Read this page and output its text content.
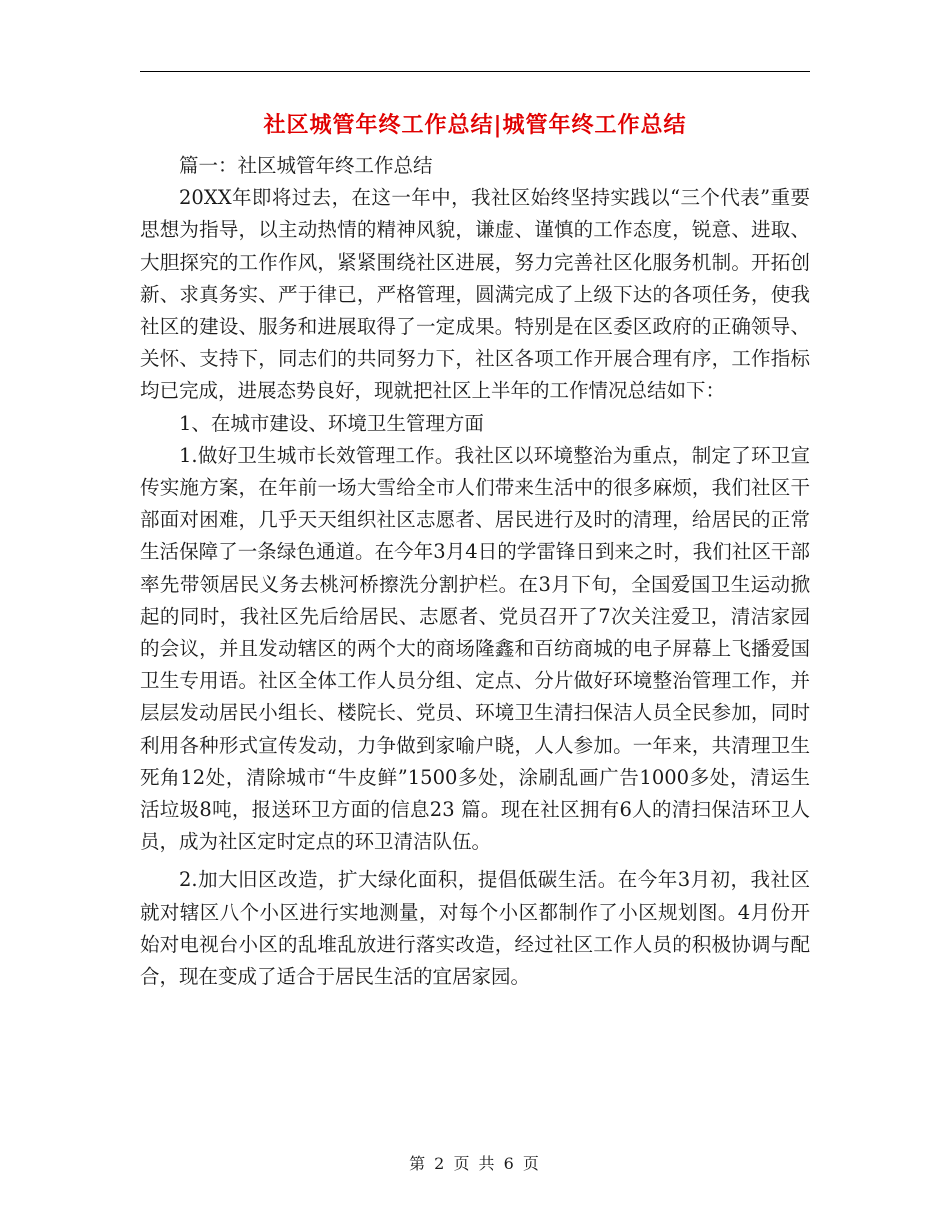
社区城管年终工作总结|城管年终工作总结

篇一：社区城管年终工作总结

20XX年即将过去，在这一年中，我社区始终坚持实践以“三个代表”重要思想为指导，以主动热情的精神风貌，谦虚、谨慎的工作态度，锐意、进取、大胆探究的工作作风，紧紧围绕社区进展，努力完善社区化服务机制。开拓创新、求真务实、严于律已，严格管理，圆满完成了上级下达的各项任务，使我社区的建设、服务和进展取得了一定成果。特别是在区委区政府的正确领导、关怀、支持下，同志们的共同努力下，社区各项工作开展合理有序，工作指标均已完成，进展态势良好，现就把社区上半年的工作情况总结如下：

1、在城市建设、环境卫生管理方面

1.做好卫生城市长效管理工作。我社区以环境整治为重点，制定了环卫宣传实施方案，在年前一场大雪给全市人们带来生活中的很多麻烦，我们社区干部面对困难，几乎天天组织社区志愿者、居民进行及时的清理，给居民的正常生活保障了一条绿色通道。在今年3月4日的学雷锋日到来之时，我们社区干部率先带领居民义务去桃河桥擦洗分割护栏。在3月下旬，全国爱国卫生运动掀起的同时，我社区先后给居民、志愿者、党员召开了7次关注爱卫，清洁家园的会议，并且发动辖区的两个大的商场隆鑫和百纺商城的电子屏幕上飞播爱国卫生专用语。社区全体工作人员分组、定点、分片做好环境整治管理工作，并层层发动居民小组长、楼院长、党员、环境卫生清扫保洁人员全民参加，同时利用各种形式宣传发动，力争做到家喻户晓，人人参加。一年来，共清理卫生死角12处，清除城市“牛皮鲜”1500多处，涂刷乱画广告1000多处，清运生活垃圾8吨，报送环卫方面的信息23 篇。现在社区拥有6人的清扫保洁环卫人员，成为社区定时定点的环卫清洁队伍。

2.加大旧区改造，扩大绿化面积，提倡低碳生活。在今年3月初，我社区就对辖区八个小区进行实地测量，对每个小区都制作了小区规划图。4月份开始对电视台小区的乱堆乱放进行落实改造，经过社区工作人员的积极协调与配合，现在变成了适合于居民生活的宜居家园。

第 2 页 共 6 页
